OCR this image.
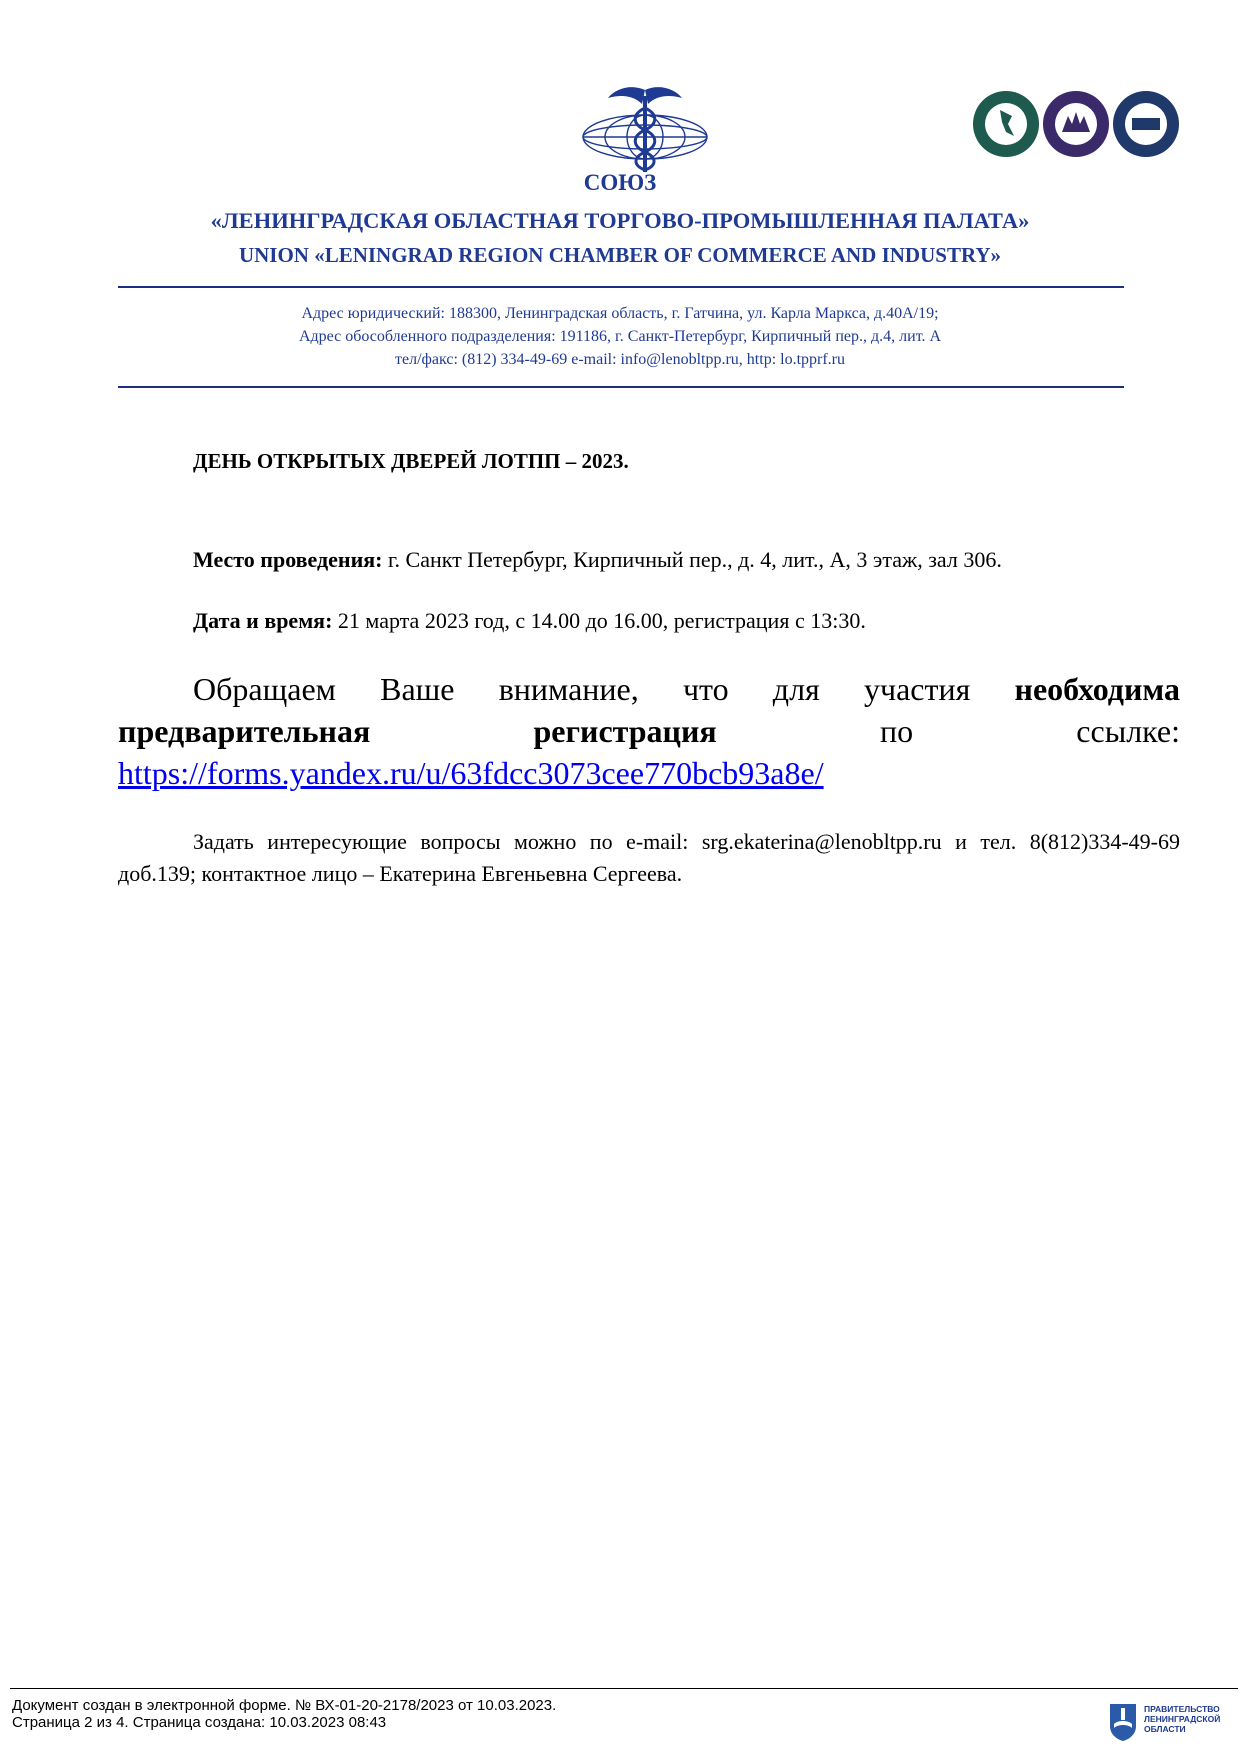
СОЮЗ
«ЛЕНИНГРАДСКАЯ ОБЛАСТНАЯ ТОРГОВО-ПРОМЫШЛЕННАЯ ПАЛАТА»
UNION «LENINGRAD REGION CHAMBER OF COMMERCE AND INDUSTRY»
Адрес юридический: 188300, Ленинградская область, г. Гатчина, ул. Карла Маркса, д.40А/19;
Адрес обособленного подразделения: 191186, г. Санкт-Петербург, Кирпичный пер., д.4, лит. А
тел/факс: (812) 334-49-69 e-mail: info@lenobltpp.ru, http: lo.tpprf.ru
ДЕНЬ ОТКРЫТЫХ ДВЕРЕЙ ЛОТПП – 2023.
Место проведения: г. Санкт Петербург, Кирпичный пер., д. 4, лит., А, 3 этаж, зал 306.
Дата и время: 21 марта 2023 год, с 14.00 до 16.00, регистрация с 13:30.
Обращаем Ваше внимание, что для участия необходима предварительная регистрация по ссылке: https://forms.yandex.ru/u/63fdcc3073cee770bcb93a8e/
Задать интересующие вопросы можно по e-mail: srg.ekaterina@lenobltpp.ru и тел. 8(812)334-49-69 доб.139; контактное лицо – Екатерина Евгеньевна Сергеева.
Документ создан в электронной форме. № ВХ-01-20-2178/2023 от 10.03.2023.
Страница 2 из 4. Страница создана: 10.03.2023 08:43
ПРАВИТЕЛЬСТВО ЛЕНИНГРАДСКОЙ ОБЛАСТИ
